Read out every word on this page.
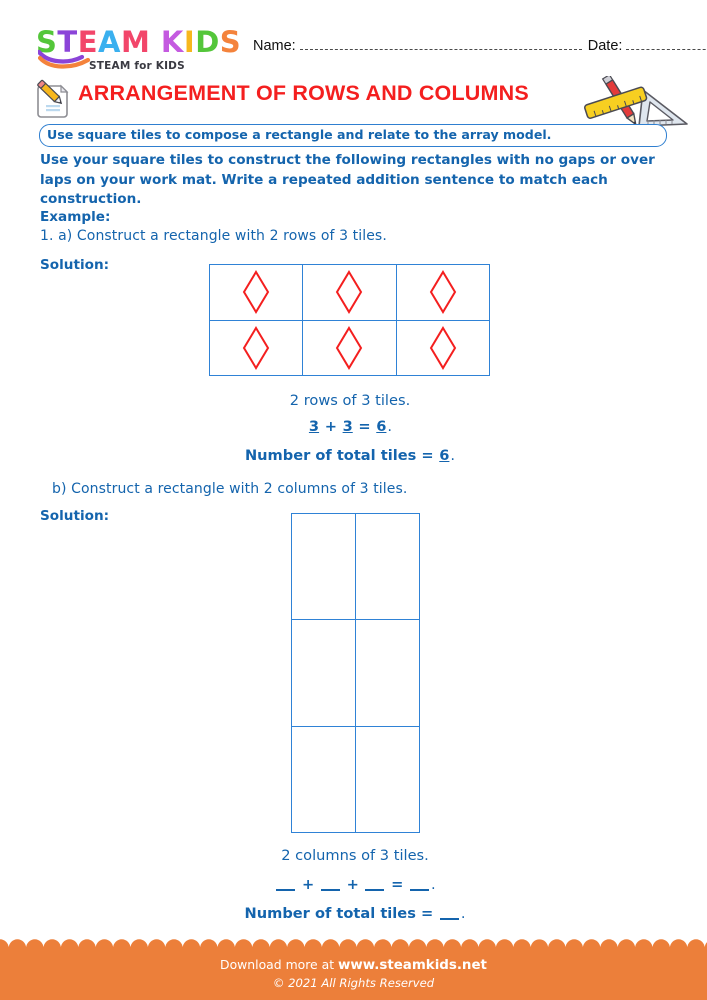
STEAM KIDS
STEAM for KIDS
Name:	Date:
ARRANGEMENT OF ROWS AND COLUMNS
Use square tiles to compose a rectangle and relate to the array model.
Use your square tiles to construct the following rectangles with no gaps or over laps on your work mat. Write a repeated addition sentence to match each construction.
Example:
1. a) Construct a rectangle with 2 rows of 3 tiles.
Solution:
2 rows of 3 tiles.
3 + 3 = 6.
Number of total tiles = 6.
b) Construct a rectangle with 2 columns of 3 tiles.
Solution:
2 columns of 3 tiles.
+ + = .
Number of total tiles = .
Download more at www.steamkids.net
© 2021 All Rights Reserved
